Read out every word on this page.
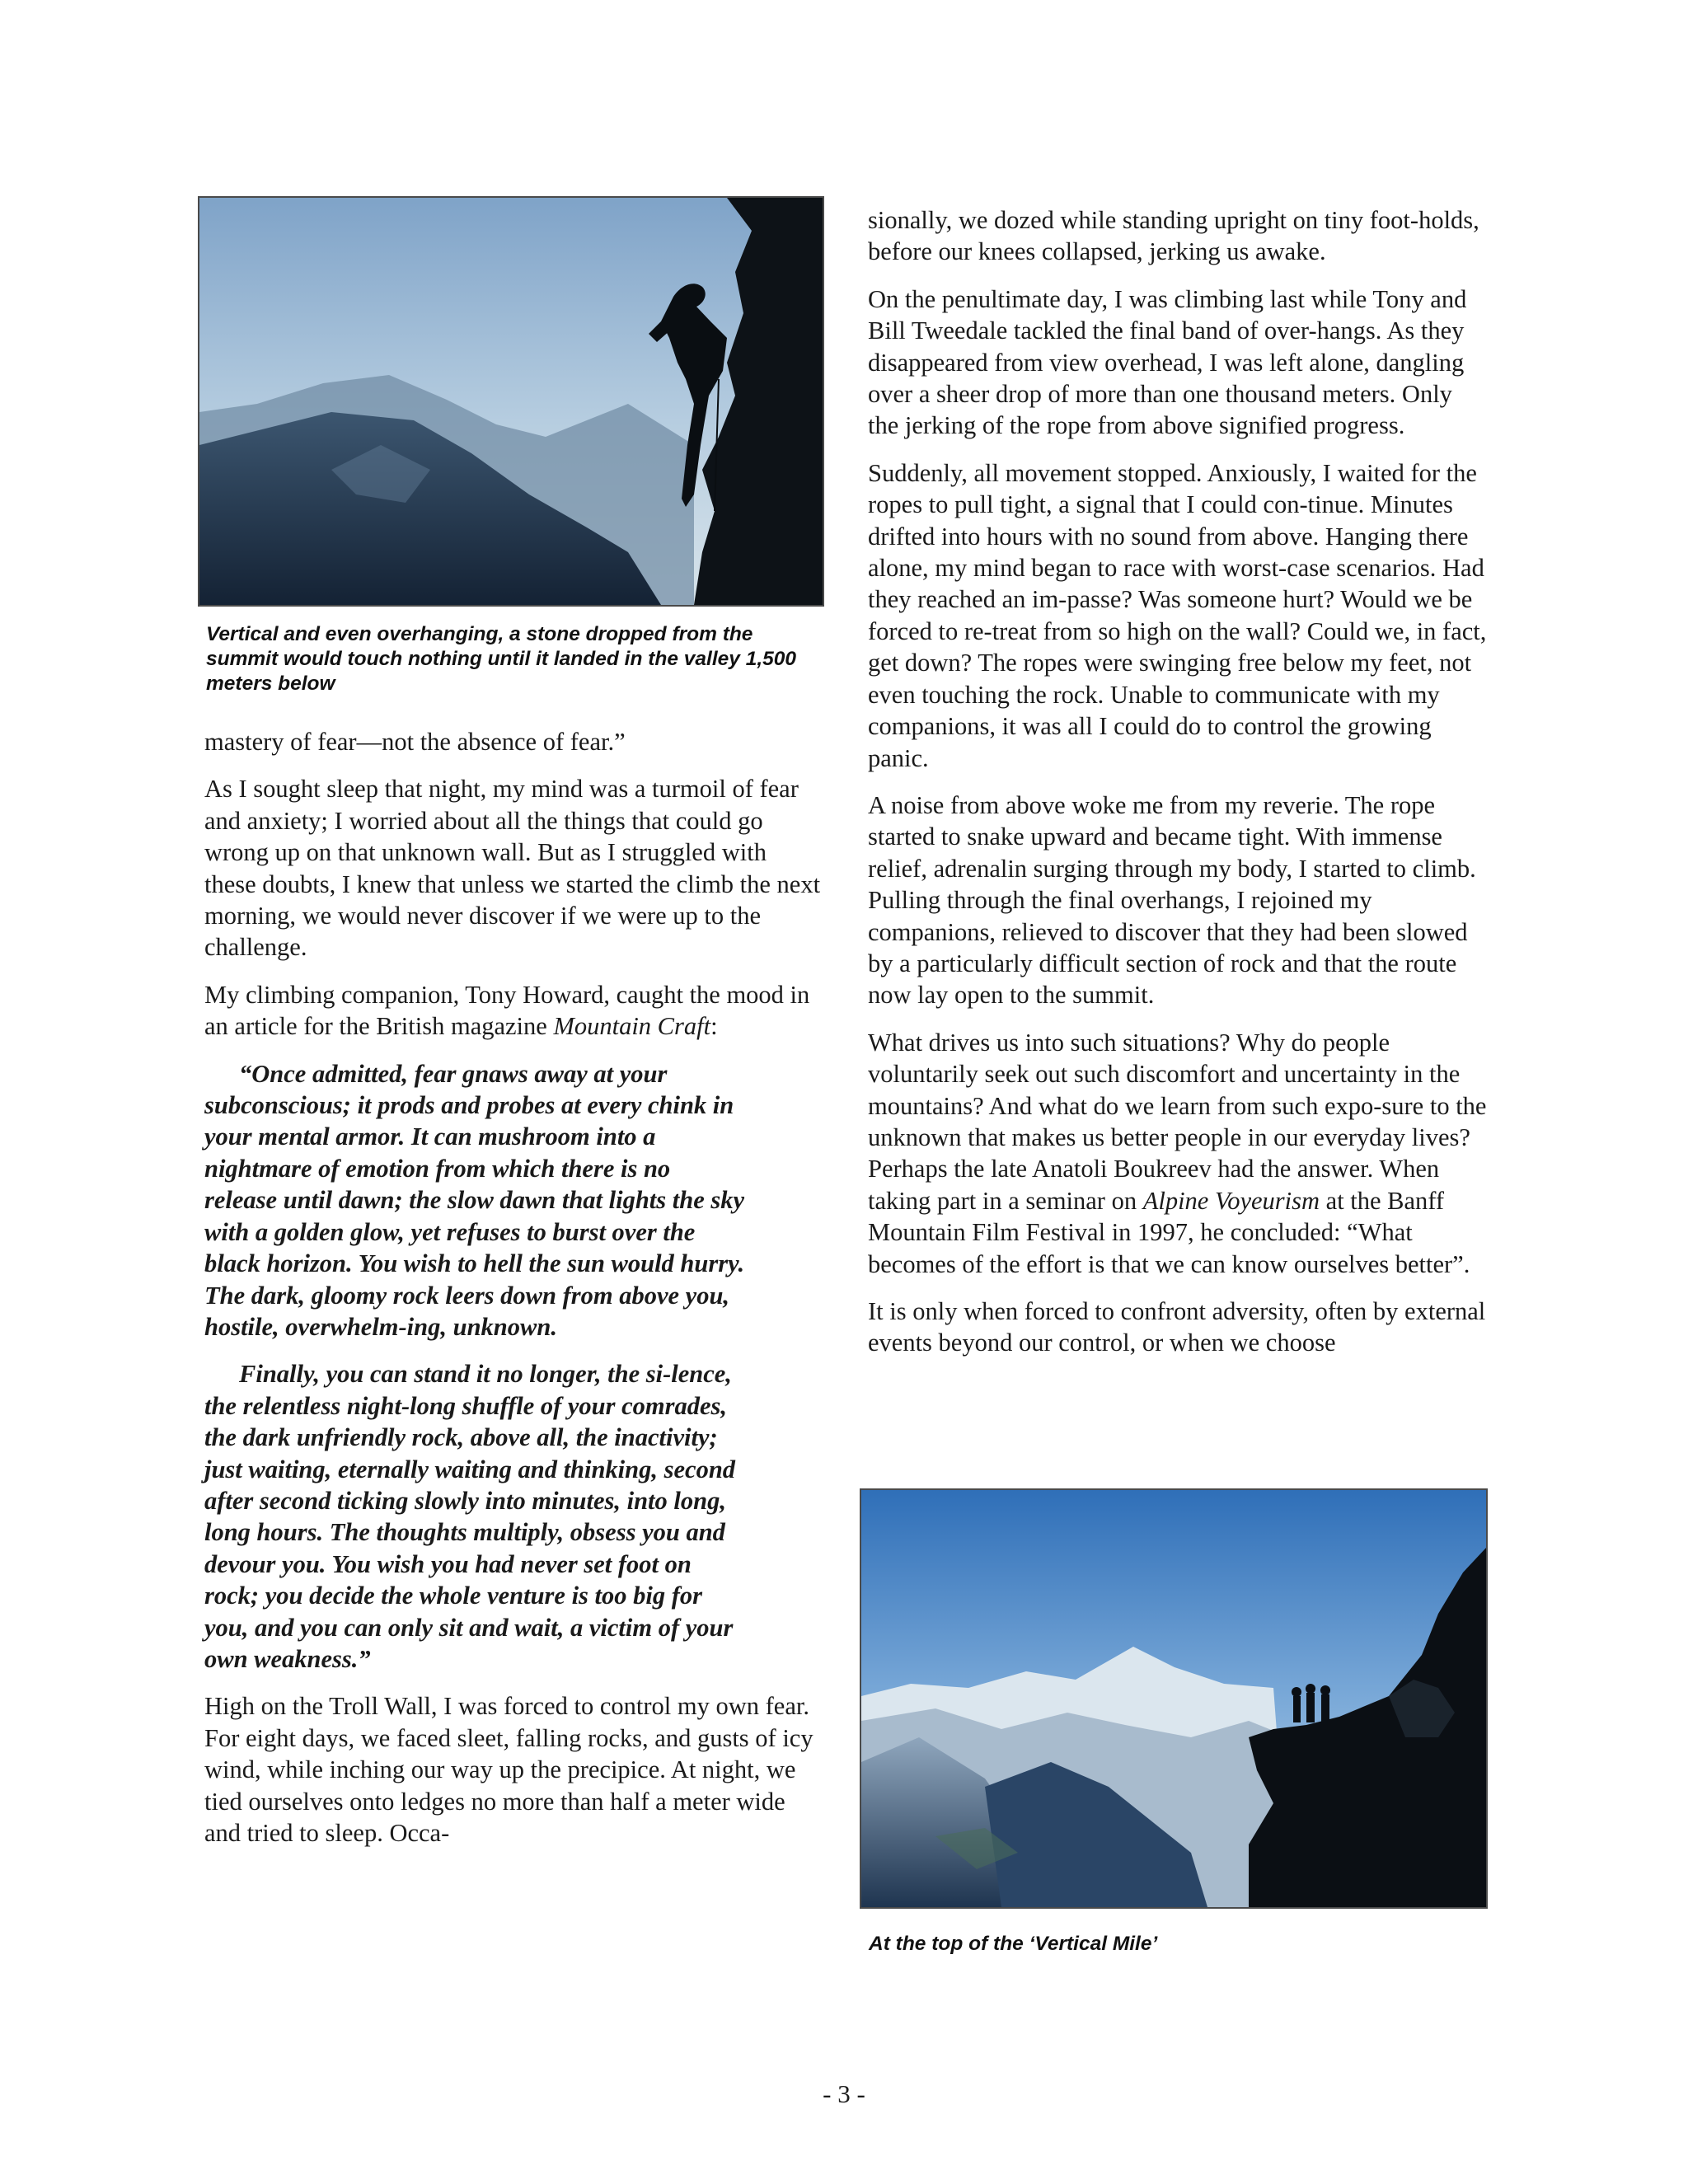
Vertical and even overhanging, a stone dropped from the summit would touch nothing until it landed in the valley 1,500 meters below

mastery of fear—not the absence of fear.”

As I sought sleep that night, my mind was a turmoil of fear and anxiety; I worried about all the things that could go wrong up on that unknown wall. But as I struggled with these doubts, I knew that unless we started the climb the next morning, we would never discover if we were up to the challenge.

My climbing companion, Tony Howard, caught the mood in an article for the British magazine Mountain Craft:

“Once admitted, fear gnaws away at your subconscious; it prods and probes at every chink in your mental armor. It can mushroom into a nightmare of emotion from which there is no release until dawn; the slow dawn that lights the sky with a golden glow, yet refuses to burst over the black horizon. You wish to hell the sun would hurry. The dark, gloomy rock leers down from above you, hostile, overwhelm-ing, unknown.

Finally, you can stand it no longer, the si-lence, the relentless night-long shuffle of your comrades, the dark unfriendly rock, above all, the inactivity; just waiting, eternally waiting and thinking, second after second ticking slowly into minutes, into long, long hours. The thoughts multiply, obsess you and devour you. You wish you had never set foot on rock; you decide the whole venture is too big for you, and you can only sit and wait, a victim of your own weakness.”

High on the Troll Wall, I was forced to control my own fear. For eight days, we faced sleet, falling rocks, and gusts of icy wind, while inching our way up the precipice. At night, we tied ourselves onto ledges no more than half a meter wide and tried to sleep. Occa-

sionally, we dozed while standing upright on tiny foot-holds, before our knees collapsed, jerking us awake.

On the penultimate day, I was climbing last while Tony and Bill Tweedale tackled the final band of over-hangs. As they disappeared from view overhead, I was left alone, dangling over a sheer drop of more than one thousand meters. Only the jerking of the rope from above signified progress.

Suddenly, all movement stopped. Anxiously, I waited for the ropes to pull tight, a signal that I could con-tinue. Minutes drifted into hours with no sound from above. Hanging there alone, my mind began to race with worst-case scenarios. Had they reached an im-passe? Was someone hurt? Would we be forced to re-treat from so high on the wall? Could we, in fact, get down? The ropes were swinging free below my feet, not even touching the rock. Unable to communicate with my companions, it was all I could do to control the growing panic.

A noise from above woke me from my reverie. The rope started to snake upward and became tight. With immense relief, adrenalin surging through my body, I started to climb. Pulling through the final overhangs, I rejoined my companions, relieved to discover that they had been slowed by a particularly difficult section of rock and that the route now lay open to the summit.

What drives us into such situations? Why do people voluntarily seek out such discomfort and uncertainty in the mountains? And what do we learn from such expo-sure to the unknown that makes us better people in our everyday lives? Perhaps the late Anatoli Boukreev had the answer. When taking part in a seminar on Alpine Voyeurism at the Banff Mountain Film Festival in 1997, he concluded: “What becomes of the effort is that we can know ourselves better”.

It is only when forced to confront adversity, often by external events beyond our control, or when we choose

At the top of the ‘Vertical Mile’
- 3 -
